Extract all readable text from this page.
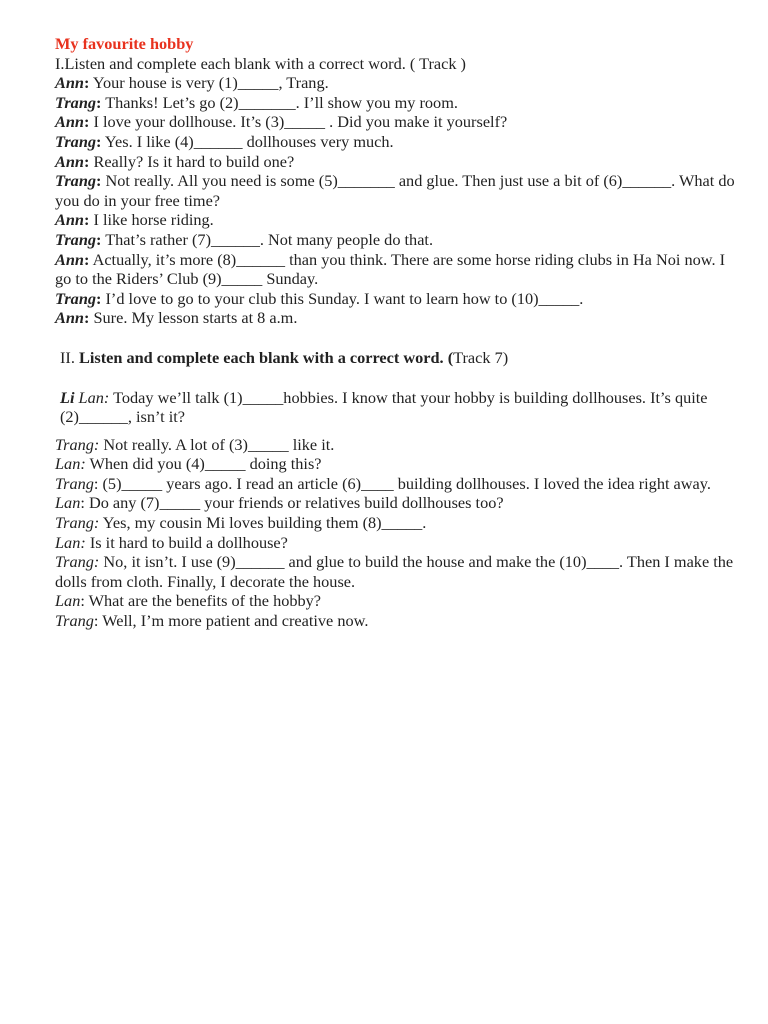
My favourite hobby
I.Listen and complete each blank with a correct word. ( Track )
Ann: Your house is very (1)_____, Trang.
Trang: Thanks! Let’s go (2)_______. I’ll show you my room.
Ann: I love your dollhouse. It’s (3)_____ . Did you make it yourself?
Trang: Yes. I like (4)______ dollhouses very much.
Ann: Really? Is it hard to build one?
Trang: Not really. All you need is some (5)_______ and glue. Then just use a bit of (6)______. What do you do in your free time?
Ann: I like horse riding.
Trang: That’s rather (7)______. Not many people do that.
Ann: Actually, it’s more (8)______ than you think. There are some horse riding clubs in Ha Noi now. I go to the Riders’ Club (9)_____ Sunday.
Trang: I’d love to go to your club this Sunday. I want to learn how to (10)_____.
Ann: Sure. My lesson starts at 8 a.m.
II. Listen and complete each blank with a correct word. (Track 7)
Li Lan: Today we’ll talk (1)_____hobbies. I know that your hobby is building dollhouses. It’s quite (2)______, isn’t it?
Trang: Not really. A lot of (3)_____ like it.
Lan: When did you (4)_____ doing this?
Trang: (5)_____ years ago. I read an article (6)____ building dollhouses. I loved the idea right away.
Lan: Do any (7)_____ your friends or relatives build dollhouses too?
Trang: Yes, my cousin Mi loves building them (8)_____.
Lan: Is it hard to build a dollhouse?
Trang: No, it isn’t. I use (9)______ and glue to build the house and make the (10)____. Then I make the dolls from cloth. Finally, I decorate the house.
Lan: What are the benefits of the hobby?
Trang: Well, I’m more patient and creative now.
